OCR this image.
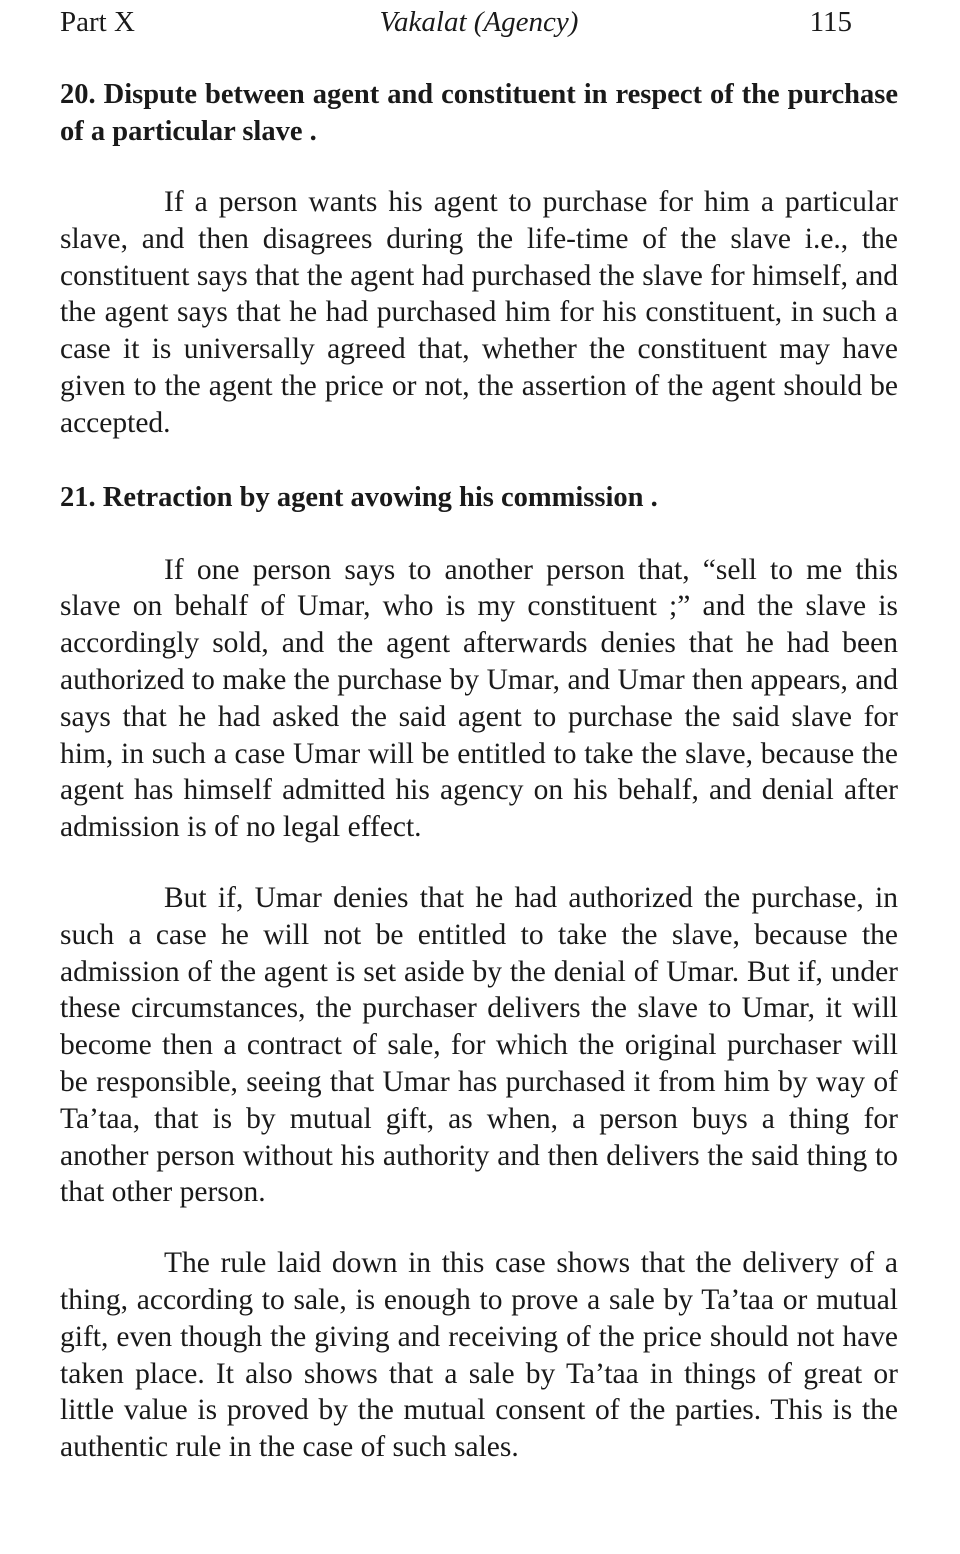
Part X	Vakalat (Agency)	115
20. Dispute between agent and constituent in respect of the purchase of a particular slave .

If a person wants his agent to purchase for him a particular slave, and then disagrees during the life-time of the slave i.e., the constituent says that the agent had purchased the slave for himself, and the agent says that he had purchased him for his constituent, in such a case it is universally agreed that, whether the constituent may have given to the agent the price or not, the assertion of the agent should be accepted.

21. Retraction by agent avowing his commission .

If one person says to another person that, “sell to me this slave on behalf of Umar, who is my constituent ;” and the slave is accordingly sold, and the agent afterwards denies that he had been authorized to make the purchase by Umar, and Umar then appears, and says that he had asked the said agent to purchase the said slave for him, in such a case Umar will be entitled to take the slave, because the agent has himself admitted his agency on his behalf, and denial after admission is of no legal effect.

But if, Umar denies that he had authorized the purchase, in such a case he will not be entitled to take the slave, because the admission of the agent is set aside by the denial of Umar. But if, under these circumstances, the purchaser delivers the slave to Umar, it will become then a contract of sale, for which the original purchaser will be responsible, seeing that Umar has purchased it from him by way of Ta’taa, that is by mutual gift, as when, a person buys a thing for another person without his authority and then delivers the said thing to that other person.

The rule laid down in this case shows that the delivery of a thing, according to sale, is enough to prove a sale by Ta’taa or mutual gift, even though the giving and receiving of the price should not have taken place. It also shows that a sale by Ta’taa in things of great or little value is proved by the mutual consent of the parties. This is the authentic rule in the case of such sales.
